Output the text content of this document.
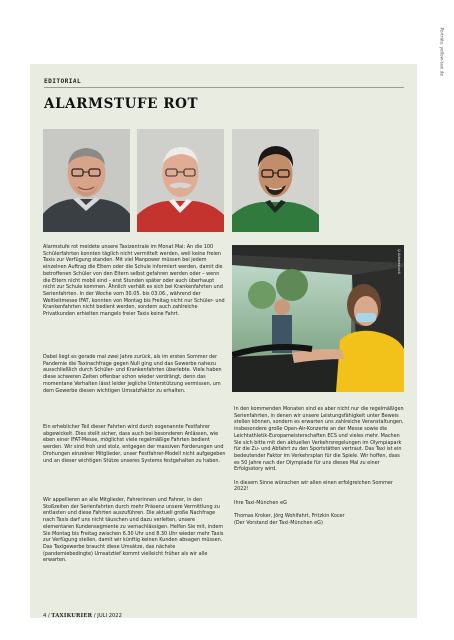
Porträts: yellow-taxi.de
EDITORIAL
ALARMSTUFE ROT
©Adobestock

Alarmstufe rot meldete unsere Taxizentrale im Monat Mai: An die 100 Schülerfahrten konnten täglich nicht vermittelt werden, weil keine freien Taxis zur Verfügung standen. Mit viel Manpower müssen bei jedem einzelnen Auftrag die Eltern oder die Schule informiert werden, damit die betroffenen Schüler von den Eltern selbst gefahren werden oder – wenn die Eltern nicht mobil sind – erst Stunden später oder auch überhaupt nicht zur Schule kommen. Ähnlich verhält es sich bei Krankenfahrten und Serienfahrten. In der Woche vom 30.05. bis 03.06., während der Weltleitmesse IFAT, konnten von Montag bis Freitag nicht nur Schüler- und Krankenfahrten nicht bedient werden, sondern auch zahlreiche Privatkunden erhielten mangels freier Taxis keine Fahrt.

Dabei liegt es gerade mal zwei Jahre zurück, als im ersten Sommer der Pandemie die Taxinachfrage gegen Null ging und das Gewerbe nahezu ausschließlich durch Schüler- und Krankenfahrten überlebte. Viele haben diese schweren Zeiten offenbar schon wieder verdrängt, denn das momentane Verhalten lässt leider jegliche Unterstützung vermissen, um dem Gewerbe diesen wichtigen Umsatzfaktor zu erhalten.

Ein erheblicher Teil dieser Fahrten wird durch sogenannte Festfahrer abgewickelt. Dies stellt sicher, dass auch bei besonderen Anlässen, wie eben einer IFAT-Messe, möglichst viele regelmäßige Fahrten bedient werden. Wir sind froh und stolz, entgegen der massiven Forderungen und Drohungen einzelner Mitglieder, unser Festfahrer-Modell nicht aufgegeben und an dieser wichtigen Stütze unseres Systems festgehalten zu haben.

Wir appellieren an alle Mitglieder, Fahrerinnen und Fahrer, in den Stoßzeiten der Serienfahrten durch mehr Präsenz unsere Vermittlung zu entlasten und diese Fahrten auszuführen. Die aktuell große Nachfrage nach Taxis darf uns nicht täuschen und dazu verleiten, unsere elementaren Kundensegmente zu vernachlässigen. Helfen Sie mit, indem Sie Montag bis Freitag zwischen 6.30 Uhr und 8.30 Uhr wieder mehr Taxis zur Verfügung stellen, damit wir künftig keinen Kunden absagen müssen. Das Taxigewerbe braucht diese Umsätze, das nächste (pandemiebedingte) Umsatztief kommt vielleicht früher als wir alle erwarten.

In den kommenden Monaten sind es aber nicht nur die regelmäßigen Serienfahrten, in denen wir unsere Leistungsfähigkeit unter Beweis stellen können, sondern es erwarten uns zahlreiche Veranstaltungen, insbesondere große Open-Air-Konzerte an der Messe sowie die Leichtathletik-Europameisterschaften ECS und vieles mehr. Machen Sie sich bitte mit den aktuellen Verkehrsregelungen im Olympiapark für die Zu- und Abfahrt zu den Sportstätten vertraut. Das Taxi ist ein bedeutender Faktor im Verkehrsplan für die Spiele. Wir hoffen, dass es 50 Jahre nach der Olympiade für uns dieses Mal zu einer Erfolgsstory wird.

In diesem Sinne wünschen wir allen einen erfolgreichen Sommer 2022!

Ihre Taxi-München eG

Thomas Kroker, Jörg Wohlfahrt, Fritzkin Kocer

(Der Vorstand der Taxi-München eG)

4 / TAXIKURIER / JULI 2022
